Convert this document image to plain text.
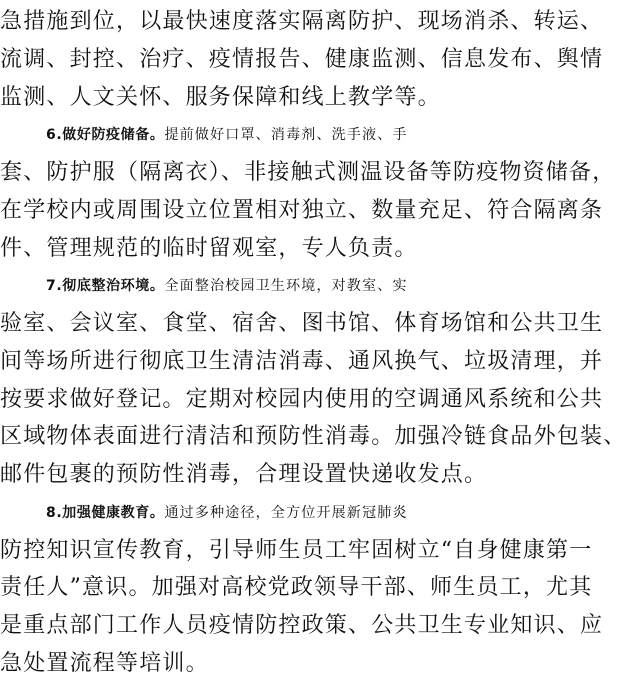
急措施到位，以最快速度落实隔离防护、现场消杀、转运、
流调、封控、治疗、疫情报告、健康监测、信息发布、舆情
监测、人文关怀、服务保障和线上教学等。
6.做好防疫储备。提前做好口罩、消毒剂、洗手液、手
套、防护服（隔离衣）、非接触式测温设备等防疫物资储备，
在学校内或周围设立位置相对独立、数量充足、符合隔离条
件、管理规范的临时留观室，专人负责。
7.彻底整治环境。全面整治校园卫生环境，对教室、实
验室、会议室、食堂、宿舍、图书馆、体育场馆和公共卫生
间等场所进行彻底卫生清洁消毒、通风换气、垃圾清理，并
按要求做好登记。定期对校园内使用的空调通风系统和公共
区域物体表面进行清洁和预防性消毒。加强冷链食品外包装、
邮件包裹的预防性消毒，合理设置快递收发点。
8.加强健康教育。通过多种途径，全方位开展新冠肺炎
防控知识宣传教育，引导师生员工牢固树立“自身健康第一
责任人”意识。加强对高校党政领导干部、师生员工，尤其
是重点部门工作人员疫情防控政策、公共卫生专业知识、应
急处置流程等培训。
